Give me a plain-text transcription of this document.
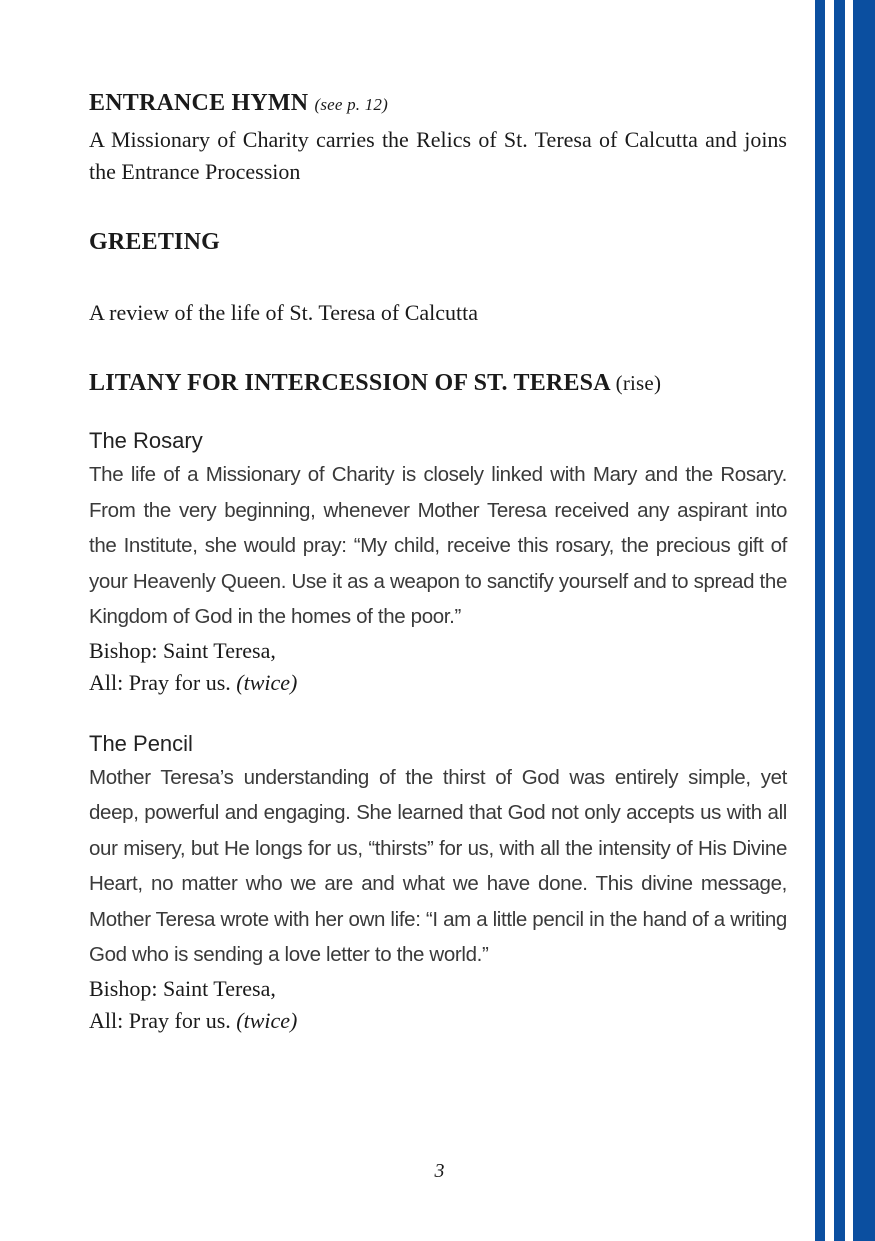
ENTRANCE HYMN (see p. 12)

A Missionary of Charity carries the Relics of St. Teresa of Calcutta and joins the Entrance Procession

GREETING

A review of the life of St. Teresa of Calcutta

LITANY FOR INTERCESSION OF ST. TERESA (rise)
The Rosary

The life of a Missionary of Charity is closely linked with Mary and the Rosary. From the very beginning, whenever Mother Teresa received any aspirant into the Institute, she would pray: “My child, receive this rosary, the precious gift of your Heavenly Queen. Use it as a weapon to sanctify yourself and to spread the Kingdom of God in the homes of the poor.”

Bishop: Saint Teresa,

All: Pray for us. (twice)

The Pencil

Mother Teresa’s understanding of the thirst of God was entirely simple, yet deep, powerful and engaging. She learned that God not only accepts us with all our misery, but He longs for us, “thirsts” for us, with all the intensity of His Divine Heart, no matter who we are and what we have done. This divine message, Mother Teresa wrote with her own life: “I am a little pencil in the hand of a writing God who is sending a love letter to the world.”

Bishop: Saint Teresa,

All: Pray for us. (twice)

3
